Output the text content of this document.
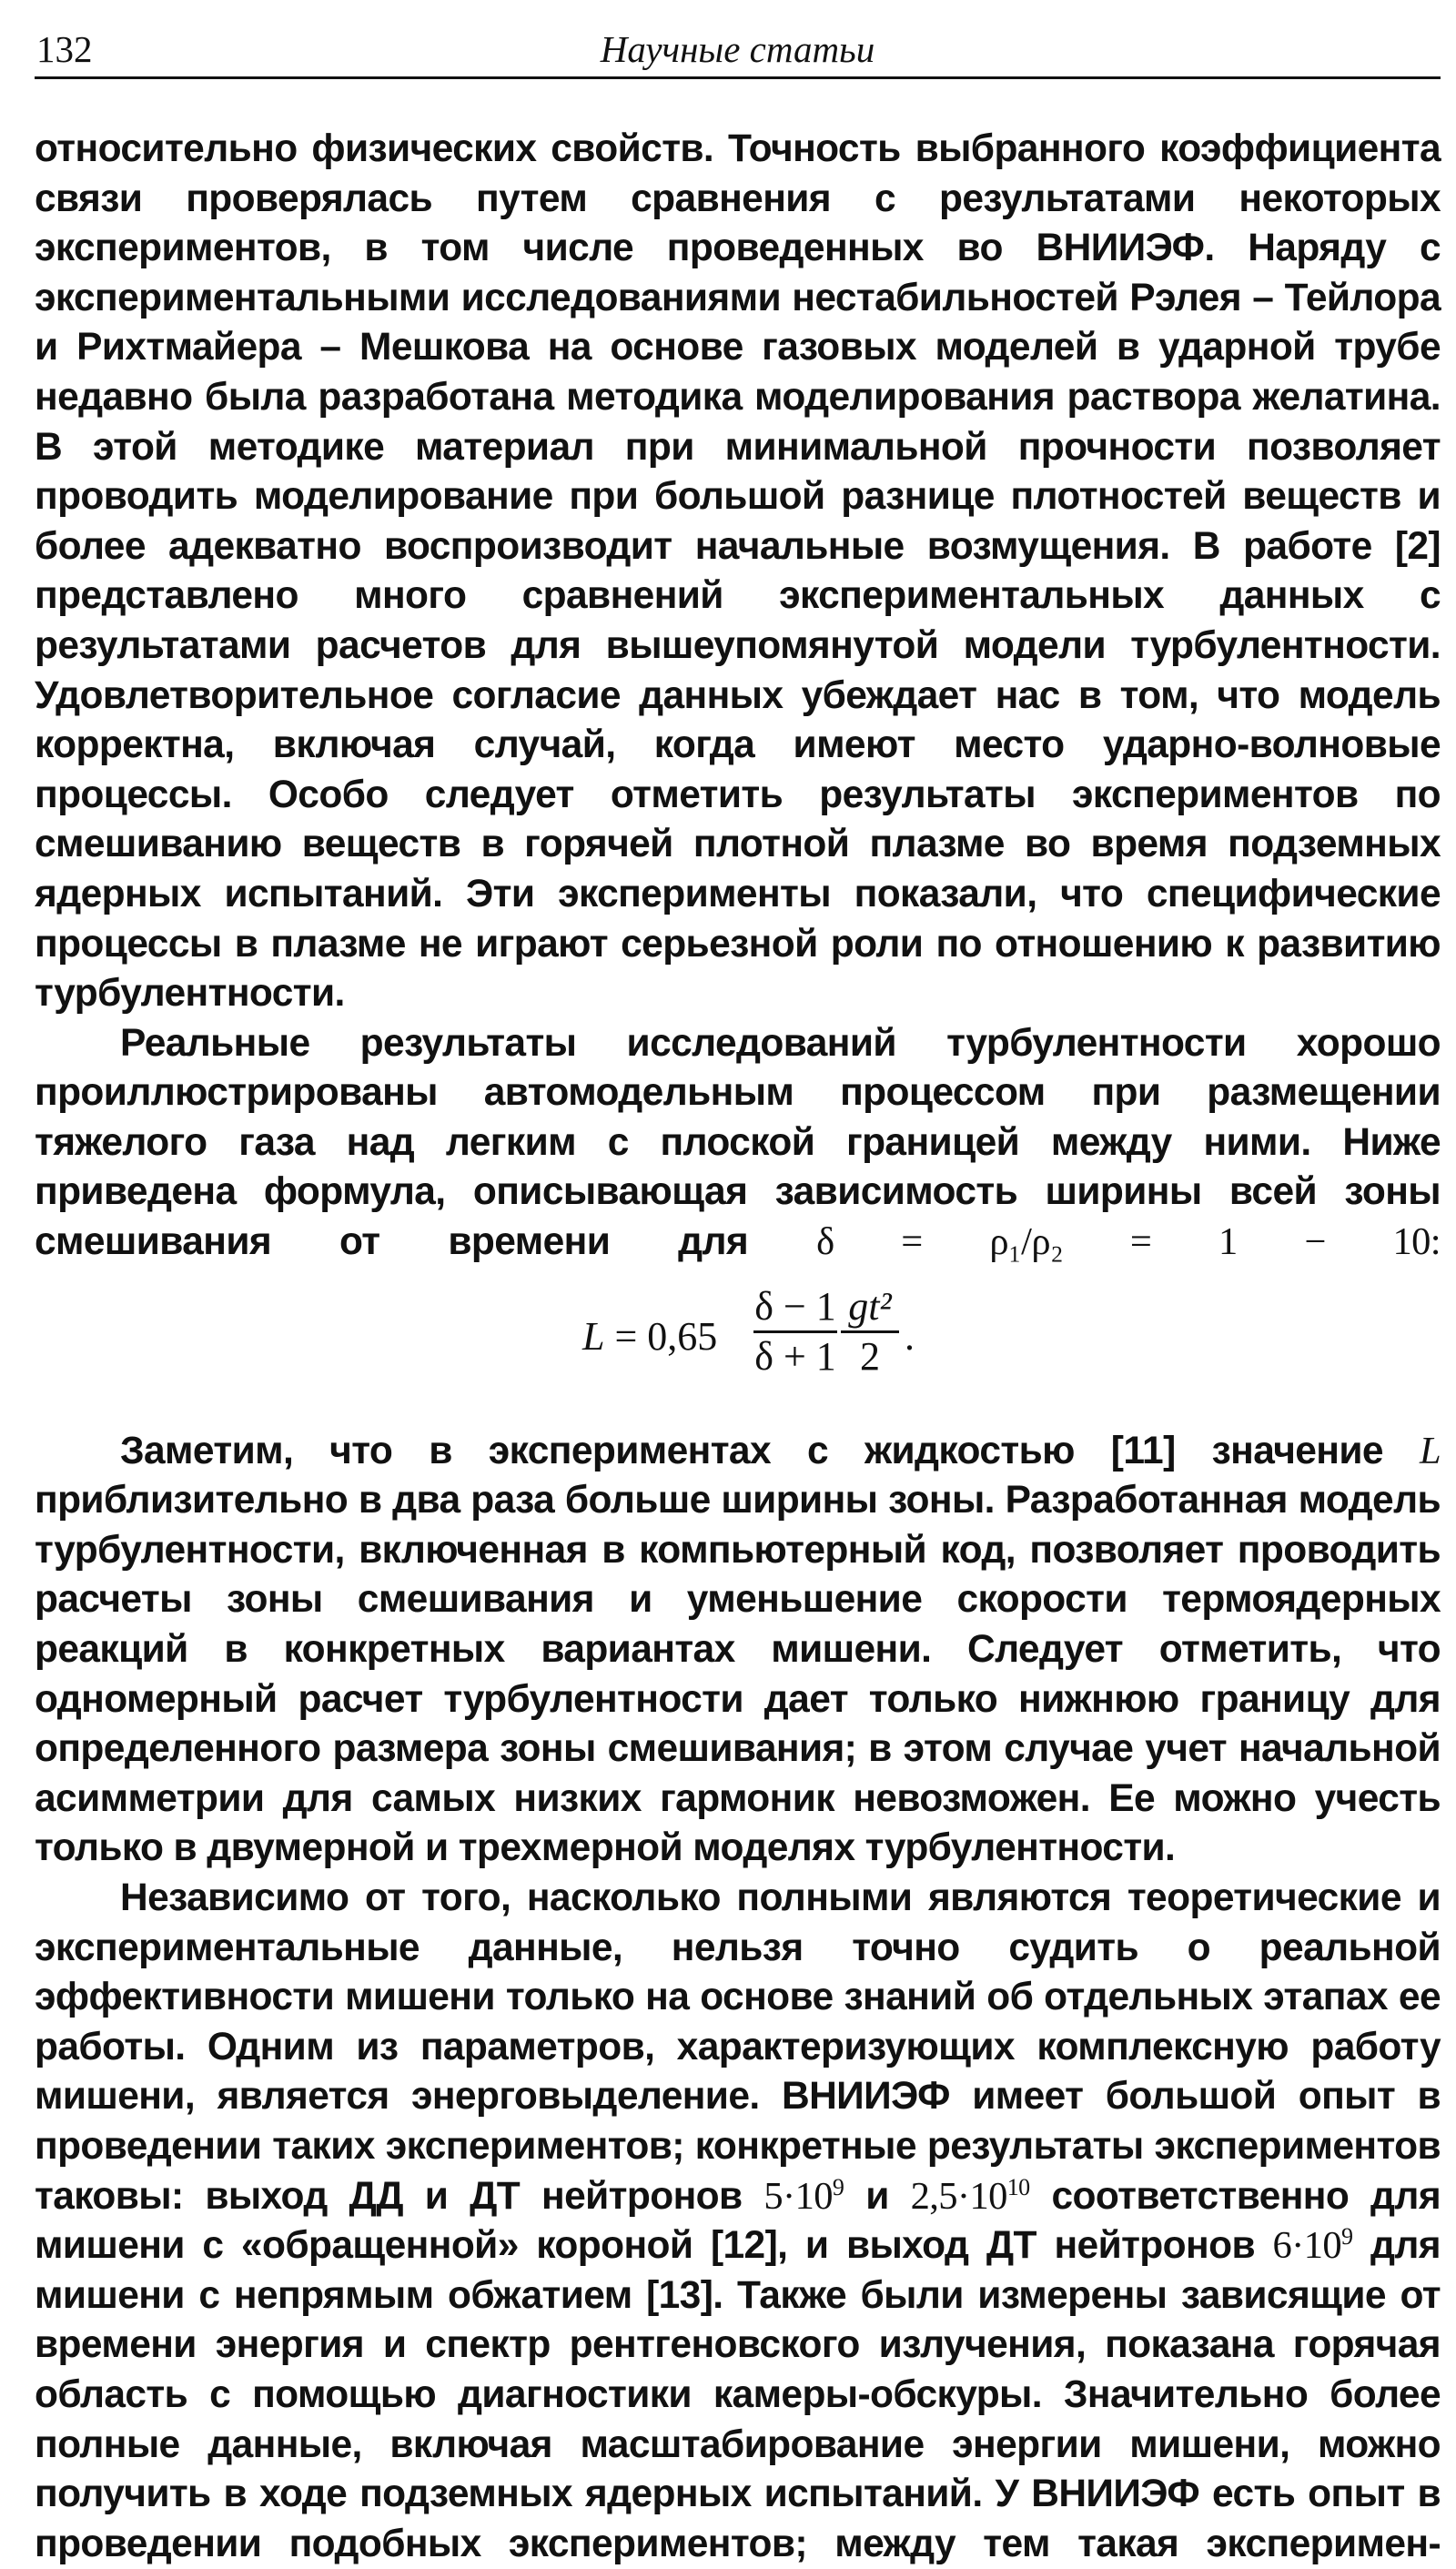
132	Научные статьи

относительно физических свойств. Точность выбранного коэффициента связи проверялась путем сравнения с результатами некоторых экспериментов, в том числе проведенных во ВНИИЭФ. Наряду с экспериментальными исследованиями нестабильностей Рэлея – Тейлора и Рихтмайера – Мешкова на основе газовых моделей в ударной трубе недавно была разработана методика моделирования раствора желатина. В этой методике материал при минимальной прочности позволяет проводить моделирование при большой разнице плотностей веществ и более адекватно воспроизводит начальные возмущения. В работе [2] представлено много сравнений экспериментальных данных с результатами расчетов для вышеупомянутой модели турбулентности. Удовлетворительное согласие данных убеждает нас в том, что модель корректна, включая случай, когда имеют место ударно-волновые процессы. Особо следует отметить результаты экспериментов по смешиванию веществ в горячей плотной плазме во время подземных ядерных испытаний. Эти эксперименты показали, что специфические процессы в плазме не играют серьезной роли по отношению к развитию турбулентности.

Реальные результаты исследований турбулентности хорошо проиллюстрированы автомодельным процессом при размещении тяжелого газа над легким с плоской границей между ними. Ниже приведена формула, описывающая зависимость ширины всей зоны смешивания от времени для δ = ρ₁/ρ₂ = 1 − 10:

L = 0,65
δ − 1
δ + 1
gt²
2 .

Заметим, что в экспериментах с жидкостью [11] значение L приблизительно в два раза больше ширины зоны. Разработанная модель турбулентности, включенная в компьютерный код, позволяет проводить расчеты зоны смешивания и уменьшение скорости термоядерных реакций в конкретных вариантах мишени. Следует отметить, что одномерный расчет турбулентности дает только нижнюю границу для определенного размера зоны смешивания; в этом случае учет начальной асимметрии для самых низких гармоник невозможен. Ее можно учесть только в двумерной и трехмерной моделях турбулентности.

Независимо от того, насколько полными являются теоретические и экспериментальные данные, нельзя точно судить о реальной эффективности мишени только на основе знаний об отдельных этапах ее работы. Одним из параметров, характеризующих комплексную работу мишени, является энерговыделение. ВНИИЭФ имеет большой опыт в проведении таких экспериментов; конкретные результаты экспериментов таковы: выход ДД и ДТ нейтронов $5\cdot 10^9$ и $2,5\cdot 10^{10}$ соответственно для мишени с «обращенной» короной [12], и выход ДТ нейтронов $6\cdot 10^9$ для мишени с непрямым обжатием [13]. Также были измерены зависящие от времени энергия и спектр рентгеновского излучения, показана горячая область с помощью диагностики камеры-обскуры. Значительно более полные данные, включая масштабирование энергии мишени, можно получить в ходе подземных ядерных испытаний. У ВНИИЭФ есть опыт в проведении подобных экспериментов; между тем такая эксперимен-
